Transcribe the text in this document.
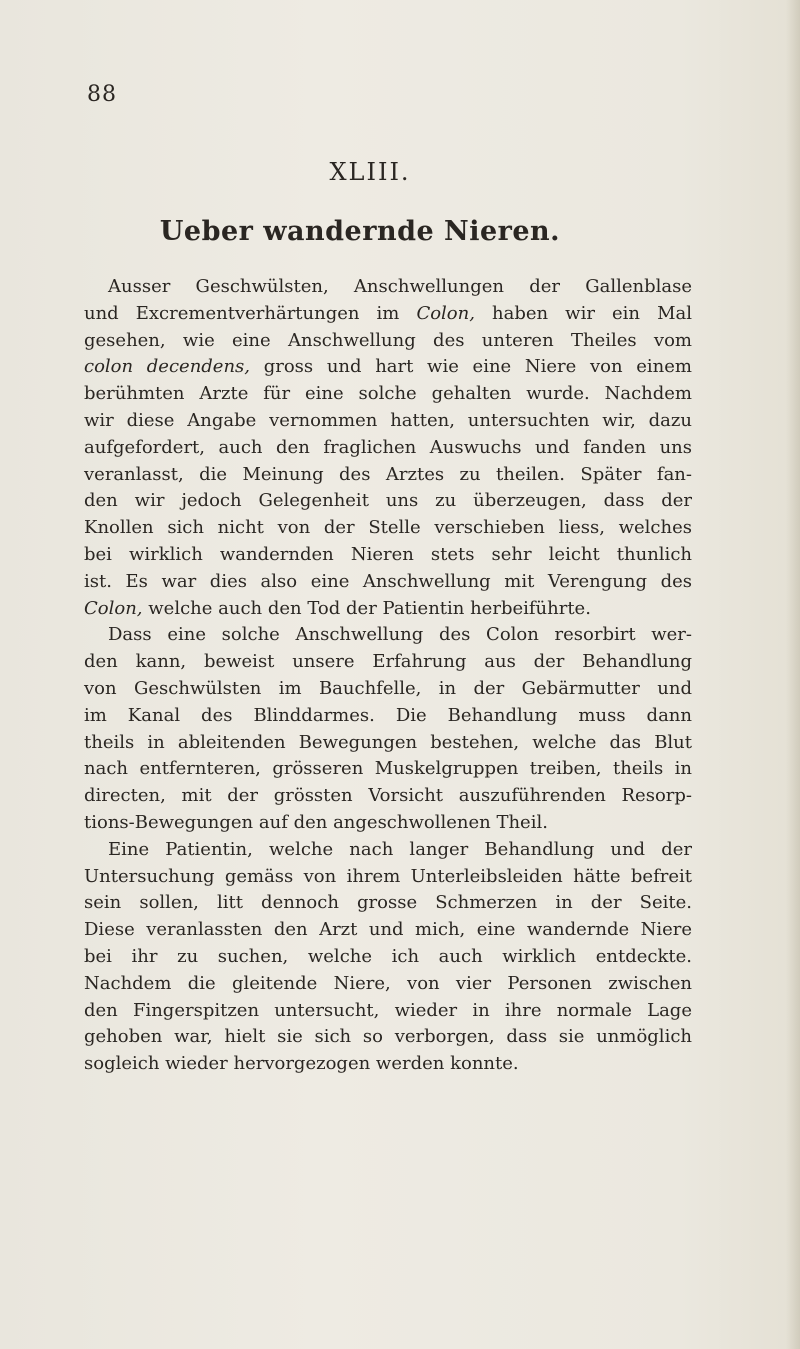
88
XLIII.
Ueber wandernde Nieren.
Ausser Geschwülsten, Anschwellungen der Gallenblase
und Excrementverhärtungen im Colon, haben wir ein Mal
gesehen, wie eine Anschwellung des unteren Theiles vom
colon decendens, gross und hart wie eine Niere von einem
berühmten Arzte für eine solche gehalten wurde. Nachdem
wir diese Angabe vernommen hatten, untersuchten wir, dazu
aufgefordert, auch den fraglichen Auswuchs und fanden uns
veranlasst, die Meinung des Arztes zu theilen. Später fan-
den wir jedoch Gelegenheit uns zu überzeugen, dass der
Knollen sich nicht von der Stelle verschieben liess, welches
bei wirklich wandernden Nieren stets sehr leicht thunlich
ist. Es war dies also eine Anschwellung mit Verengung des
Colon, welche auch den Tod der Patientin herbeiführte.
Dass eine solche Anschwellung des Colon resorbirt wer-
den kann, beweist unsere Erfahrung aus der Behandlung
von Geschwülsten im Bauchfelle, in der Gebärmutter und
im Kanal des Blinddarmes. Die Behandlung muss dann
theils in ableitenden Bewegungen bestehen, welche das Blut
nach entfernteren, grösseren Muskelgruppen treiben, theils in
directen, mit der grössten Vorsicht auszuführenden Resorp-
tions-Bewegungen auf den angeschwollenen Theil.
Eine Patientin, welche nach langer Behandlung und der
Untersuchung gemäss von ihrem Unterleibsleiden hätte befreit
sein sollen, litt dennoch grosse Schmerzen in der Seite.
Diese veranlassten den Arzt und mich, eine wandernde Niere
bei ihr zu suchen, welche ich auch wirklich entdeckte.
Nachdem die gleitende Niere, von vier Personen zwischen
den Fingerspitzen untersucht, wieder in ihre normale Lage
gehoben war, hielt sie sich so verborgen, dass sie unmöglich
sogleich wieder hervorgezogen werden konnte.
